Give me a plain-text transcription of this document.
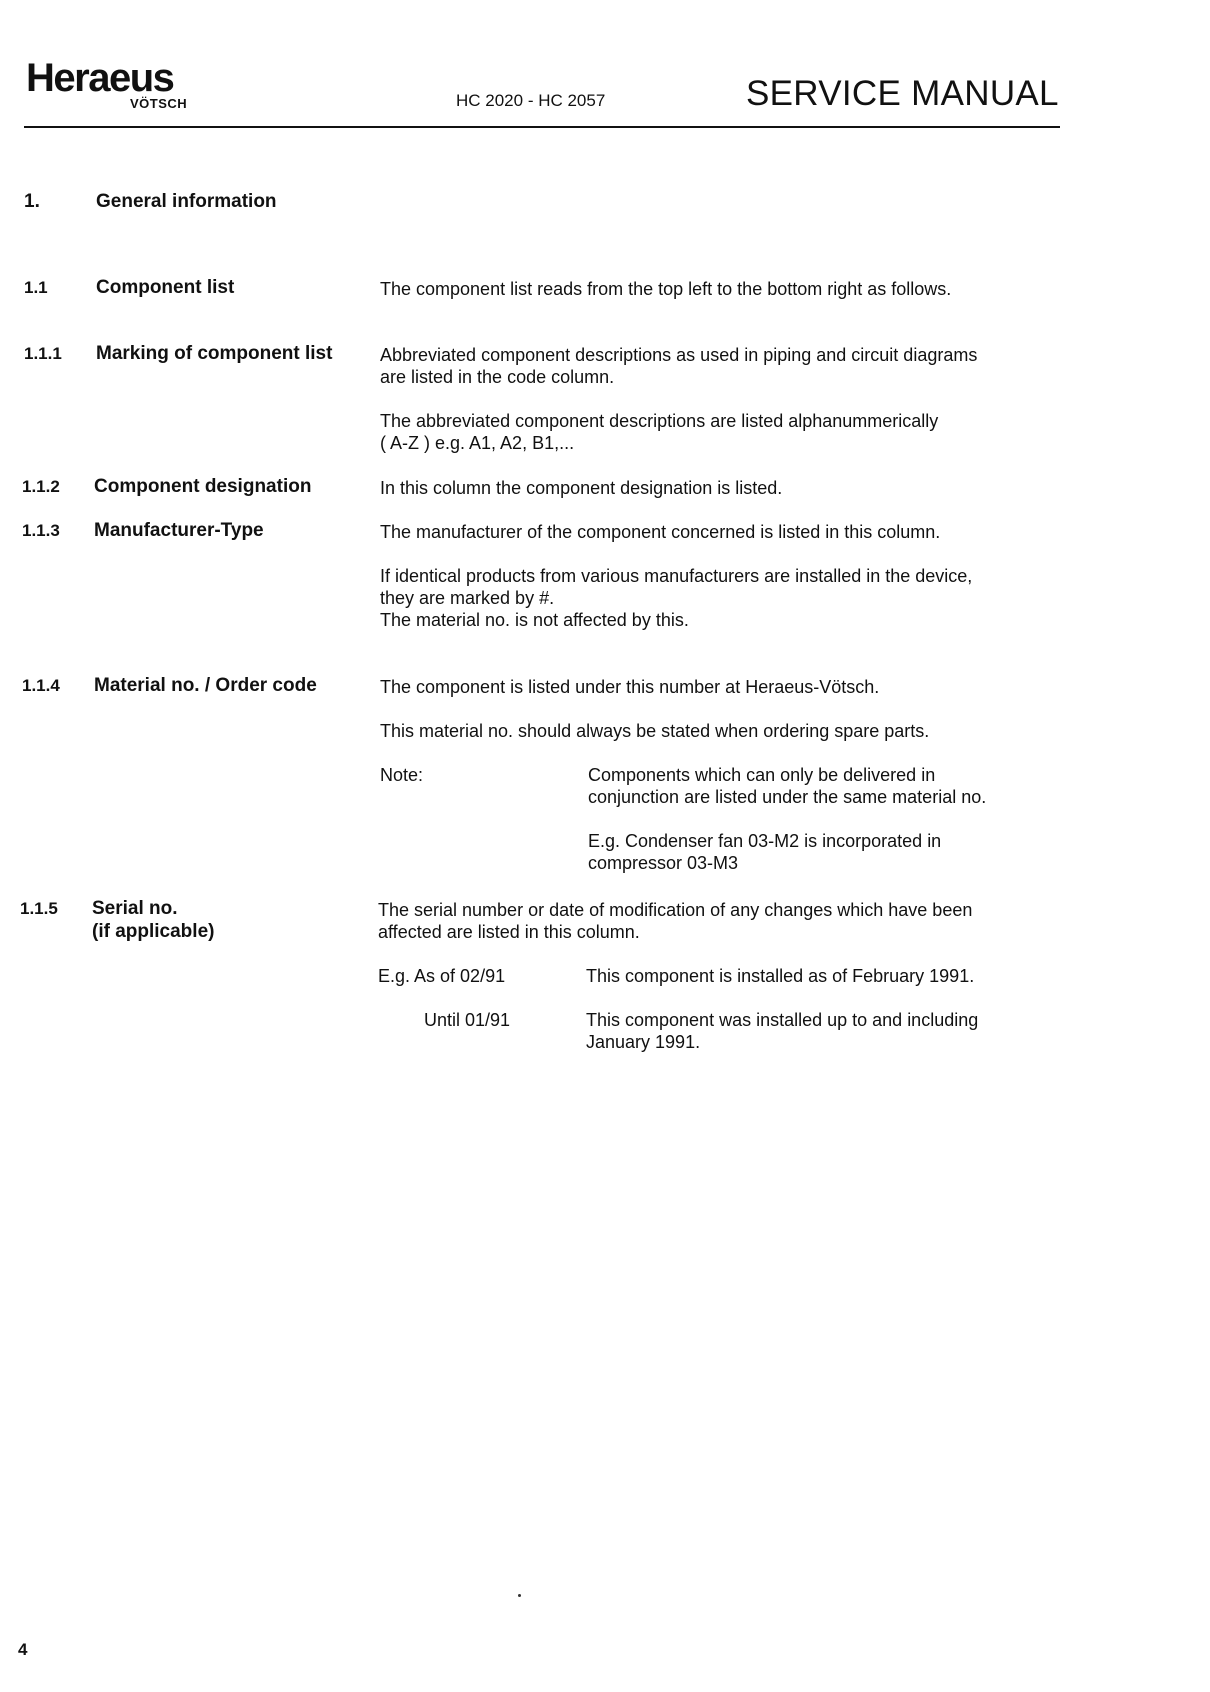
Heraeus
VÖTSCH	HC 2020 - HC 2057	SERVICE MANUAL
1.	General information
1.1	Component list	The component list reads from the top left to the bottom right as follows.
1.1.1 Marking of component list	Abbreviated component descriptions as used in piping and circuit diagrams
are listed in the code column.
The abbreviated component descriptions are listed alphanummerically
( A-Z ) e.g. A1, A2, B1,...
1.1.2 Component designation	In this column the component designation is listed.
1.1.3 Manufacturer-Type	The manufacturer of the component concerned is listed in this column.
If identical products from various manufacturers are installed in the device,
they are marked by #.
The material no. is not affected by this.
1.1.4 Material no. / Order code	The component is listed under this number at Heraeus-Vötsch.
This material no. should always be stated when ordering spare parts.
Note:	Components which can only be delivered in
conjunction are listed under the same material no.
E.g. Condenser fan 03-M2 is incorporated in
compressor 03-M3
1.1.5 Serial no.
(if applicable)
The serial number or date of modification of any changes which have been
affected are listed in this column.
E.g. As of 02/91	This component is installed as of February 1991.
Until 01/91	This component was installed up to and including
January 1991.
4
